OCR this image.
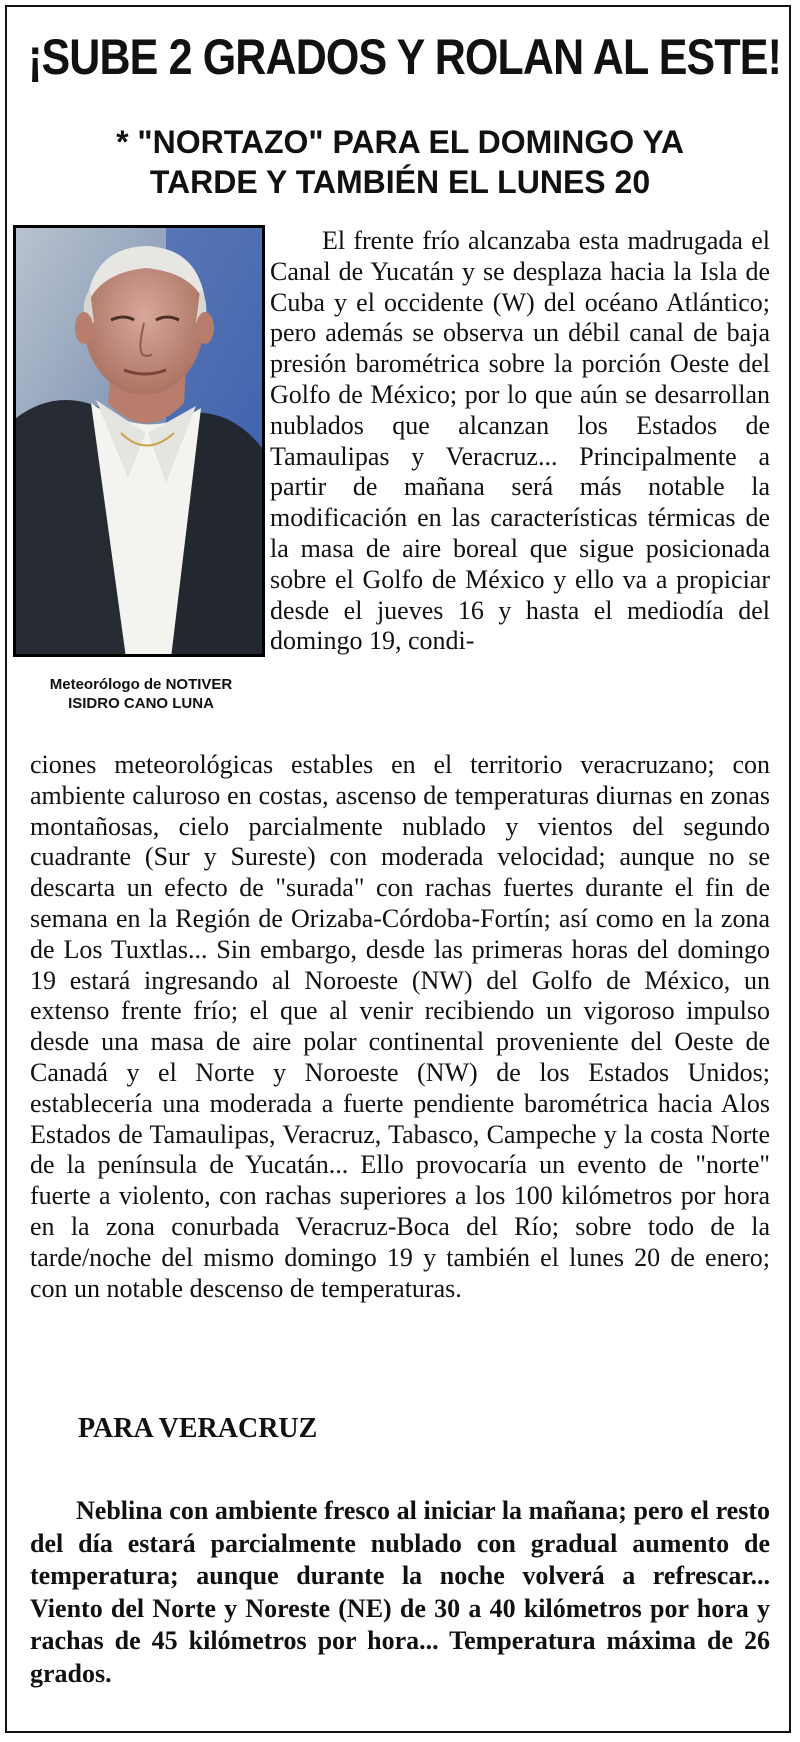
¡SUBE 2 GRADOS Y ROLAN AL ESTE!
* "NORTAZO" PARA EL DOMINGO YA
TARDE Y TAMBIÉN EL LUNES 20
Meteorólogo de NOTIVER
ISIDRO CANO LUNA

El frente frío alcanzaba esta madrugada el Canal de Yucatán y se desplaza hacia la Isla de Cuba y el occidente (W) del océano Atlántico; pero además se observa un débil canal de baja presión barométrica sobre la porción Oeste del Golfo de México; por lo que aún se desarrollan nublados que alcanzan los Estados de Tamaulipas y Veracruz... Principalmente a partir de mañana será más notable la modificación en las características térmicas de la masa de aire boreal que sigue posicionada sobre el Golfo de México y ello va a propiciar desde el jueves 16 y hasta el mediodía del domingo 19, condi-

ciones meteorológicas estables en el territorio veracruzano; con ambiente caluroso en costas, ascenso de temperaturas diurnas en zonas montañosas, cielo parcialmente nublado y vientos del segundo cuadrante (Sur y Sureste) con moderada velocidad; aunque no se descarta un efecto de "surada" con rachas fuertes durante el fin de semana en la Región de Orizaba-Córdoba-Fortín; así como en la zona de Los Tuxtlas... Sin embargo, desde las primeras horas del domingo 19 estará ingresando al Noroeste (NW) del Golfo de México, un extenso frente frío; el que al venir recibiendo un vigoroso impulso desde una masa de aire polar continental proveniente del Oeste de Canadá y el Norte y Noroeste (NW) de los Estados Unidos; establecería una moderada a fuerte pendiente barométrica hacia Alos Estados de Tamaulipas, Veracruz, Tabasco, Campeche y la costa Norte de la península de Yucatán... Ello provocaría un evento de "norte" fuerte a violento, con rachas superiores a los 100 kilómetros por hora en la zona conurbada Veracruz-Boca del Río; sobre todo de la tarde/noche del mismo domingo 19 y también el lunes 20 de enero; con un notable descenso de temperaturas.

PARA VERACRUZ

Neblina con ambiente fresco al iniciar la mañana; pero el resto del día estará parcialmente nublado con gradual aumento de temperatura; aunque durante la noche volverá a refrescar... Viento del Norte y Noreste (NE) de 30 a 40 kilómetros por hora y rachas de 45 kilómetros por hora... Temperatura máxima de 26 grados.
